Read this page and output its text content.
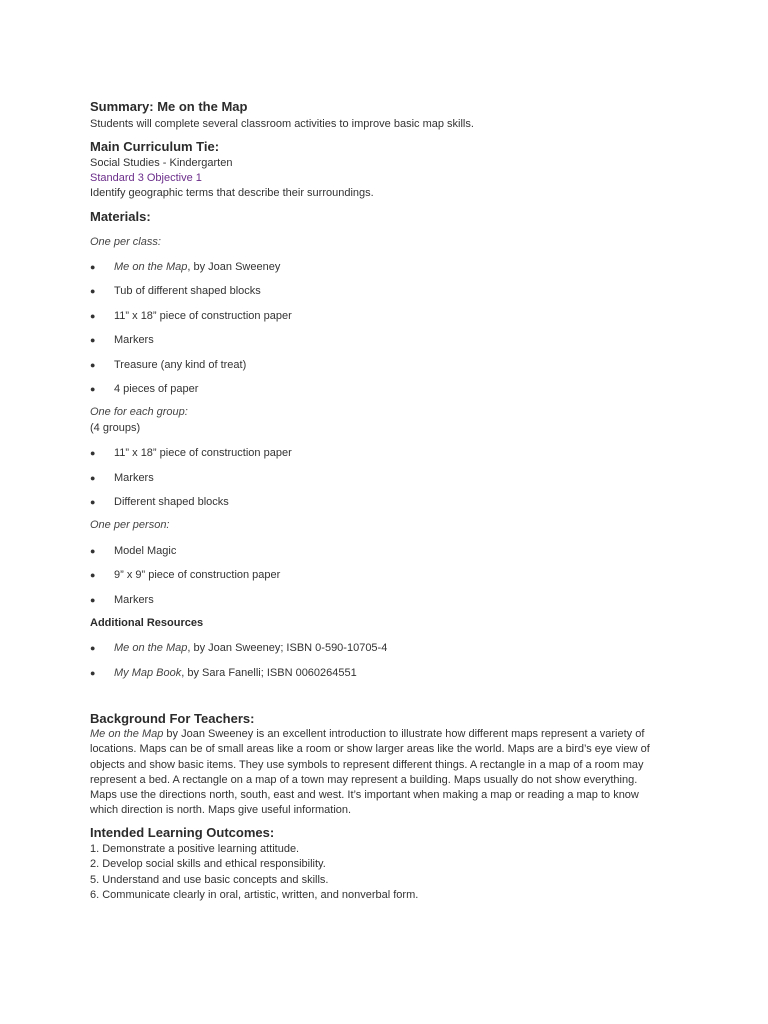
Summary: Me on the Map
Students will complete several classroom activities to improve basic map skills.
Main Curriculum Tie:
Social Studies - Kindergarten
Standard 3 Objective 1
Identify geographic terms that describe their surroundings.
Materials:
One per class:
●	Me on the Map, by Joan Sweeney
●	Tub of different shaped blocks
●	11” x 18” piece of construction paper
●	Markers
●	Treasure (any kind of treat)
●	4 pieces of paper
One for each group:
(4 groups)
●	11” x 18” piece of construction paper
●	Markers
●	Different shaped blocks
One per person:
●	Model Magic
●	9” x 9” piece of construction paper
●	Markers
Additional Resources
●	Me on the Map, by Joan Sweeney; ISBN 0-590-10705-4
●	My Map Book, by Sara Fanelli; ISBN 0060264551
Background For Teachers:
Me on the Map by Joan Sweeney is an excellent introduction to illustrate how different maps represent a variety of
locations. Maps can be of small areas like a room or show larger areas like the world. Maps are a bird’s eye view of
objects and show basic items. They use symbols to represent different things. A rectangle in a map of a room may
represent a bed. A rectangle on a map of a town may represent a building. Maps usually do not show everything.
Maps use the directions north, south, east and west. It’s important when making a map or reading a map to know
which direction is north. Maps give useful information.
Intended Learning Outcomes:
1. Demonstrate a positive learning attitude.
2. Develop social skills and ethical responsibility.
5. Understand and use basic concepts and skills.
6. Communicate clearly in oral, artistic, written, and nonverbal form.
